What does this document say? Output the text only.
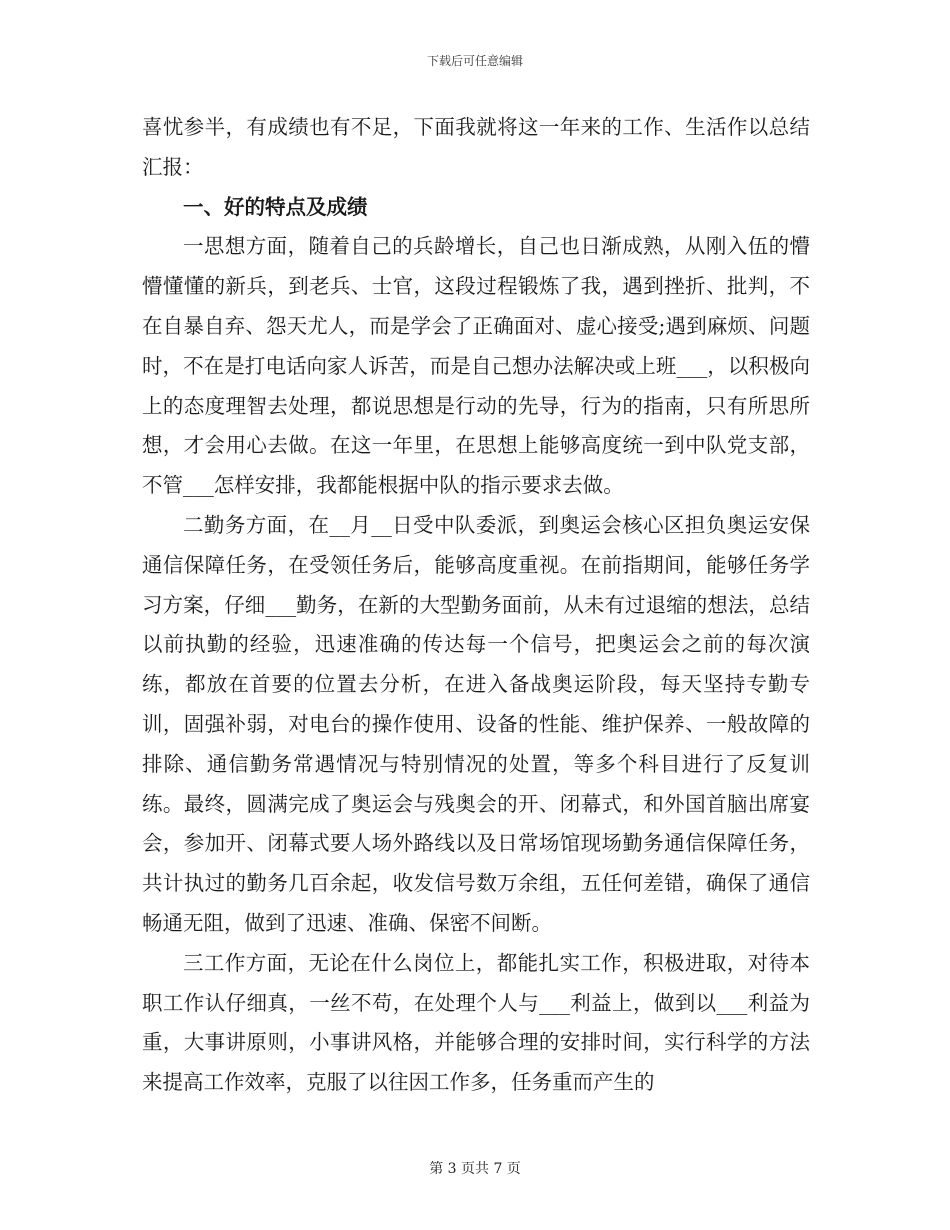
下载后可任意编辑

喜忧参半，有成绩也有不足，下面我就将这一年来的工作、生活作以总结汇报：

一、好的特点及成绩

一思想方面，随着自己的兵龄增长，自己也日渐成熟，从刚入伍的懵懵懂懂的新兵，到老兵、士官，这段过程锻炼了我，遇到挫折、批判，不在自暴自弃、怨天尤人，而是学会了正确面对、虚心接受;遇到麻烦、问题时，不在是打电话向家人诉苦，而是自己想办法解决或上班___，以积极向上的态度理智去处理，都说思想是行动的先导，行为的指南，只有所思所想，才会用心去做。在这一年里，在思想上能够高度统一到中队党支部，不管___怎样安排，我都能根据中队的指示要求去做。

二勤务方面，在__月__日受中队委派，到奥运会核心区担负奥运安保通信保障任务，在受领任务后，能够高度重视。在前指期间，能够任务学习方案，仔细___勤务，在新的大型勤务面前，从未有过退缩的想法，总结以前执勤的经验，迅速准确的传达每一个信号，把奥运会之前的每次演练，都放在首要的位置去分析，在进入备战奥运阶段，每天坚持专勤专训，固强补弱，对电台的操作使用、设备的性能、维护保养、一般故障的排除、通信勤务常遇情况与特别情况的处置，等多个科目进行了反复训练。最终，圆满完成了奥运会与残奥会的开、闭幕式，和外国首脑出席宴会，参加开、闭幕式要人场外路线以及日常场馆现场勤务通信保障任务，共计执过的勤务几百余起，收发信号数万余组，五任何差错，确保了通信畅通无阻，做到了迅速、准确、保密不间断。

三工作方面，无论在什么岗位上，都能扎实工作，积极进取，对待本职工作认仔细真，一丝不苟，在处理个人与___利益上，做到以___利益为重，大事讲原则，小事讲风格，并能够合理的安排时间，实行科学的方法来提高工作效率，克服了以往因工作多，任务重而产生的

第 3 页共 7 页
